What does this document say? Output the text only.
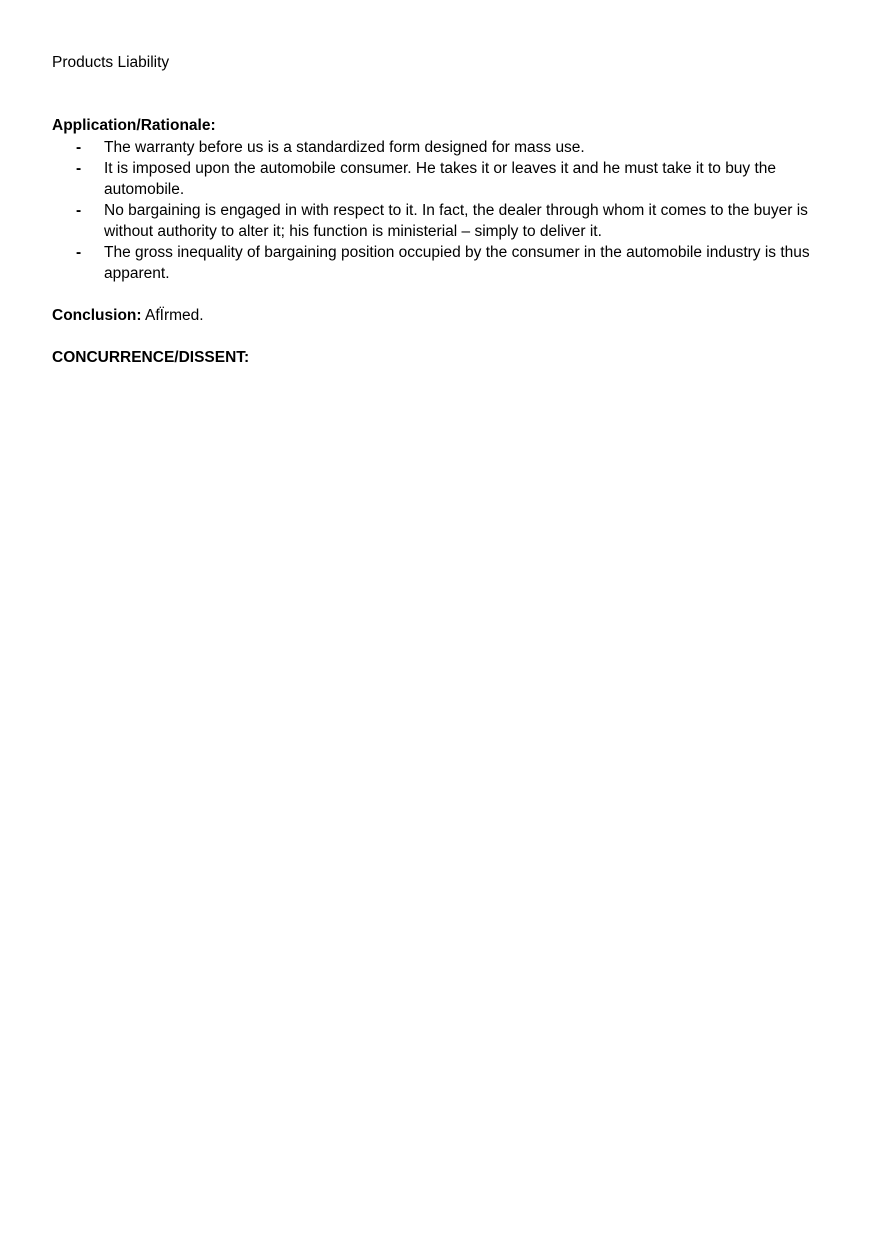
Products Liability
Application/Rationale:
- The warranty before us is a standardized form designed for mass use.
- It is imposed upon the automobile consumer. He takes it or leaves it and he must take it to buy the automobile.
- No bargaining is engaged in with respect to it. In fact, the dealer through whom it comes to the buyer is without authority to alter it; his function is ministerial – simply to deliver it.
- The gross inequality of bargaining position occupied by the consumer in the automobile industry is thus apparent.
Conclusion: AfÏrmed.
CONCURRENCE/DISSENT:
